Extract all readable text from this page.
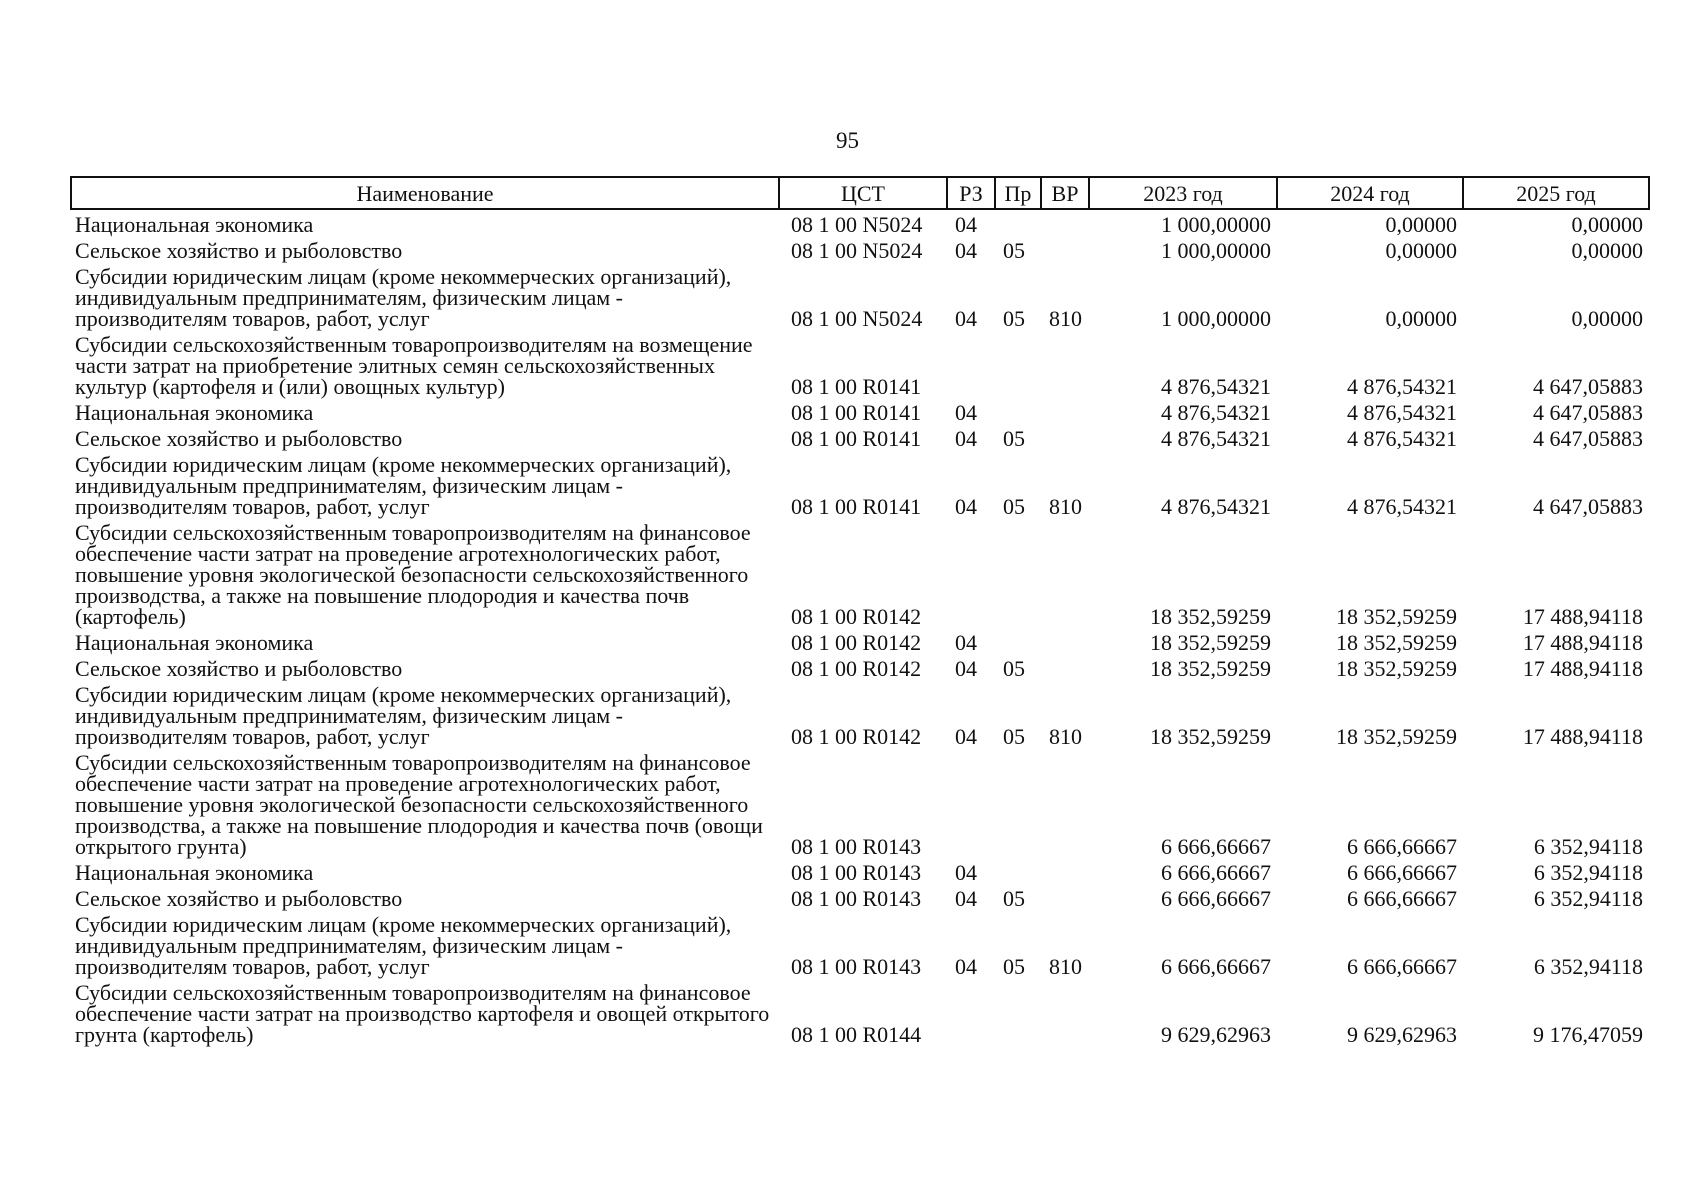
95
Наименование	ЦСТ	РЗ	Пр	ВР	2023 год	2024 год	2025 год
Национальная экономика	08 1 00 N5024	04			1 000,00000	0,00000	0,00000
Сельское хозяйство и рыболовство	08 1 00 N5024	04	05		1 000,00000	0,00000	0,00000
Субсидии юридическим лицам (кроме некоммерческих организаций), индивидуальным предпринимателям, физическим лицам - производителям товаров, работ, услуг	08 1 00 N5024	04	05	810	1 000,00000	0,00000	0,00000
Субсидии сельскохозяйственным товаропроизводителям на возмещение части затрат на приобретение элитных семян сельскохозяйственных культур (картофеля и (или) овощных культур)	08 1 00 R0141				4 876,54321	4 876,54321	4 647,05883
Национальная экономика	08 1 00 R0141	04			4 876,54321	4 876,54321	4 647,05883
Сельское хозяйство и рыболовство	08 1 00 R0141	04	05		4 876,54321	4 876,54321	4 647,05883
Субсидии юридическим лицам (кроме некоммерческих организаций), индивидуальным предпринимателям, физическим лицам - производителям товаров, работ, услуг	08 1 00 R0141	04	05	810	4 876,54321	4 876,54321	4 647,05883
Субсидии сельскохозяйственным товаропроизводителям на финансовое обеспечение части затрат на проведение агротехнологических работ, повышение уровня экологической безопасности сельскохозяйственного производства, а также на повышение плодородия и качества почв (картофель)	08 1 00 R0142				18 352,59259	18 352,59259	17 488,94118
Национальная экономика	08 1 00 R0142	04			18 352,59259	18 352,59259	17 488,94118
Сельское хозяйство и рыболовство	08 1 00 R0142	04	05		18 352,59259	18 352,59259	17 488,94118
Субсидии юридическим лицам (кроме некоммерческих организаций), индивидуальным предпринимателям, физическим лицам - производителям товаров, работ, услуг	08 1 00 R0142	04	05	810	18 352,59259	18 352,59259	17 488,94118
Субсидии сельскохозяйственным товаропроизводителям на финансовое обеспечение части затрат на проведение агротехнологических работ, повышение уровня экологической безопасности сельскохозяйственного производства, а также на повышение плодородия и качества почв (овощи открытого грунта)	08 1 00 R0143				6 666,66667	6 666,66667	6 352,94118
Национальная экономика	08 1 00 R0143	04			6 666,66667	6 666,66667	6 352,94118
Сельское хозяйство и рыболовство	08 1 00 R0143	04	05		6 666,66667	6 666,66667	6 352,94118
Субсидии юридическим лицам (кроме некоммерческих организаций), индивидуальным предпринимателям, физическим лицам - производителям товаров, работ, услуг	08 1 00 R0143	04	05	810	6 666,66667	6 666,66667	6 352,94118
Субсидии сельскохозяйственным товаропроизводителям на финансовое обеспечение части затрат на производство картофеля и овощей открытого грунта (картофель)	08 1 00 R0144				9 629,62963	9 629,62963	9 176,47059
